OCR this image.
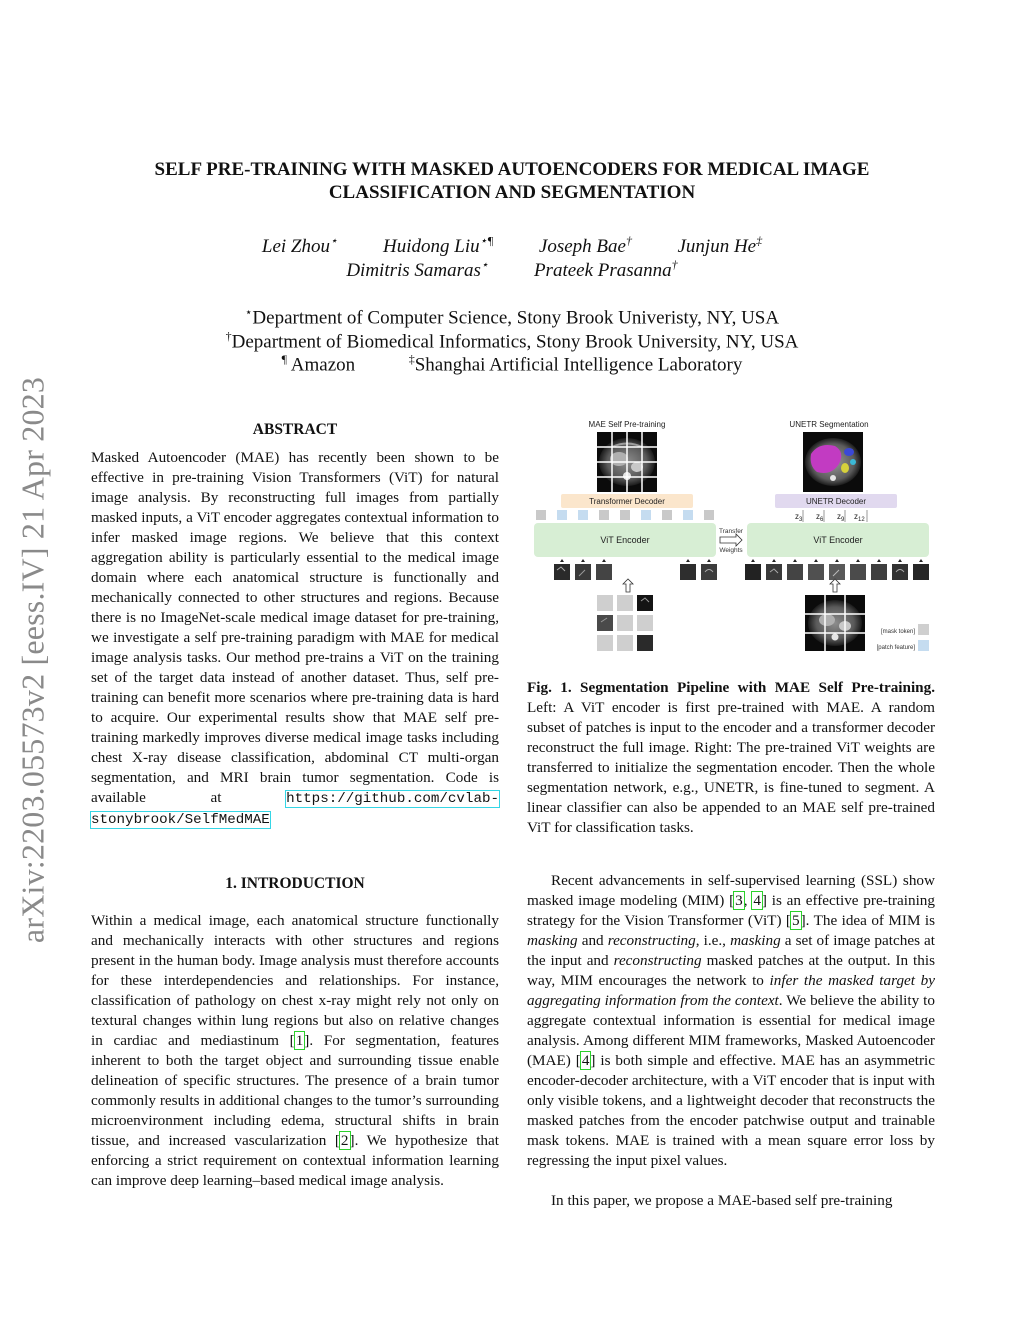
arXiv:2203.05573v2 [eess.IV] 21 Apr 2023
SELF PRE-TRAINING WITH MASKED AUTOENCODERS FOR MEDICAL IMAGE
CLASSIFICATION AND SEGMENTATION
Lei Zhou⋆ Huidong Liu⋆¶ Joseph Bae† Junjun He‡
Dimitris Samaras⋆ Prateek Prasanna†
⋆Department of Computer Science, Stony Brook Univeristy, NY, USA
†Department of Biomedical Informatics, Stony Brook University, NY, USA
¶ Amazon	‡Shanghai Artificial Intelligence Laboratory
ABSTRACT
Masked Autoencoder (MAE) has recently been shown to be effective in pre-training Vision Transformers (ViT) for natural image analysis. By reconstructing full images from partially masked inputs, a ViT encoder aggregates contextual information to infer masked image regions. We believe that this context aggregation ability is particularly essential to the medical image domain where each anatomical structure is functionally and mechanically connected to other structures and regions. Because there is no ImageNet-scale medical image dataset for pre-training, we investigate a self pre-training paradigm with MAE for medical image analysis tasks. Our method pre-trains a ViT on the training set of the target data instead of another dataset. Thus, self pre-training can benefit more scenarios where pre-training data is hard to acquire. Our experimental results show that MAE self pre-training markedly improves diverse medical image tasks including chest X-ray disease classification, abdominal CT multi-organ segmentation, and MRI brain tumor segmentation. Code is available at https://github.com/cvlab-stonybrook/SelfMedMAE
1. INTRODUCTION
Within a medical image, each anatomical structure functionally and mechanically interacts with other structures and regions present in the human body. Image analysis must therefore accounts for these interdependencies and relationships. For instance, classification of pathology on chest x-ray might rely not only on textural changes within lung regions but also on relative changes in cardiac and mediastinum [1]. For segmentation, features inherent to both the target object and surrounding tissue enable delineation of specific structures. The presence of a brain tumor commonly results in additional changes to the tumor’s surrounding microenvironment including edema, structural shifts in brain tissue, and increased vascularization [2]. We hypothesize that enforcing a strict requirement on contextual information learning can improve deep learning–based medical image analysis.
MAE Self Pre-training	UNETR Segmentation
Transformer Decoder	UNETR Decoder
$z_3$ $z_6$ $z_9$ $z_{12}$
ViT Encoder	ViT Encoder
Transfer
Weights
[mask token]
[patch feature]
Fig. 1. Segmentation Pipeline with MAE Self Pre-training. Left: A ViT encoder is first pre-trained with MAE. A random subset of patches is input to the encoder and a transformer decoder reconstruct the full image. Right: The pre-trained ViT weights are transferred to initialize the segmentation encoder. Then the whole segmentation network, e.g., UNETR, is fine-tuned to segment. A linear classifier can also be appended to an MAE self pre-trained ViT for classification tasks.
Recent advancements in self-supervised learning (SSL) show masked image modeling (MIM) [3, 4] is an effective pre-training strategy for the Vision Transformer (ViT) [5]. The idea of MIM is masking and reconstructing, i.e., masking a set of image patches at the input and reconstructing masked patches at the output. In this way, MIM encourages the network to infer the masked target by aggregating information from the context. We believe the ability to aggregate contextual information is essential for medical image analysis. Among different MIM frameworks, Masked Autoencoder (MAE) [4] is both simple and effective. MAE has an asymmetric encoder-decoder architecture, with a ViT encoder that is input with only visible tokens, and a lightweight decoder that reconstructs the masked patches from the encoder patchwise output and trainable mask tokens. MAE is trained with a mean square error loss by regressing the input pixel values.
In this paper, we propose a MAE-based self pre-training
